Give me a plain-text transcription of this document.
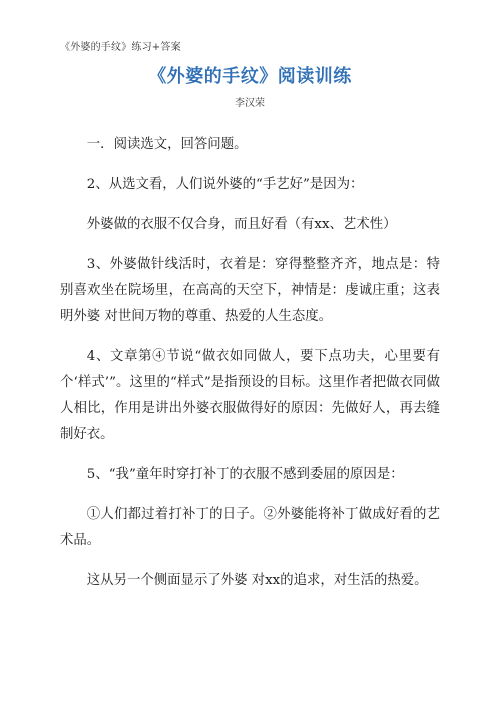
《外婆的手纹》练习+答案
《外婆的手纹》阅读训练
李汉荣

一．阅读选文，回答问题。

2、从选文看，人们说外婆的“手艺好”是因为：

外婆做的衣服不仅合身，而且好看（有xx、艺术性）

3、外婆做针线活时，衣着是：穿得整整齐齐，地点是：特别喜欢坐在院场里，在高高的天空下，神情是：虔诚庄重；这表明外婆 对世间万物的尊重、热爱的人生态度。

4、文章第④节说“做衣如同做人，要下点功夫，心里要有个‘样式’”。这里的“样式”是指预设的目标。这里作者把做衣同做人相比，作用是讲出外婆衣服做得好的原因：先做好人，再去缝制好衣。

5、“我”童年时穿打补丁的衣服不感到委屈的原因是：

①人们都过着打补丁的日子。②外婆能将补丁做成好看的艺术品。

这从另一个侧面显示了外婆 对xx的追求，对生活的热爱。
